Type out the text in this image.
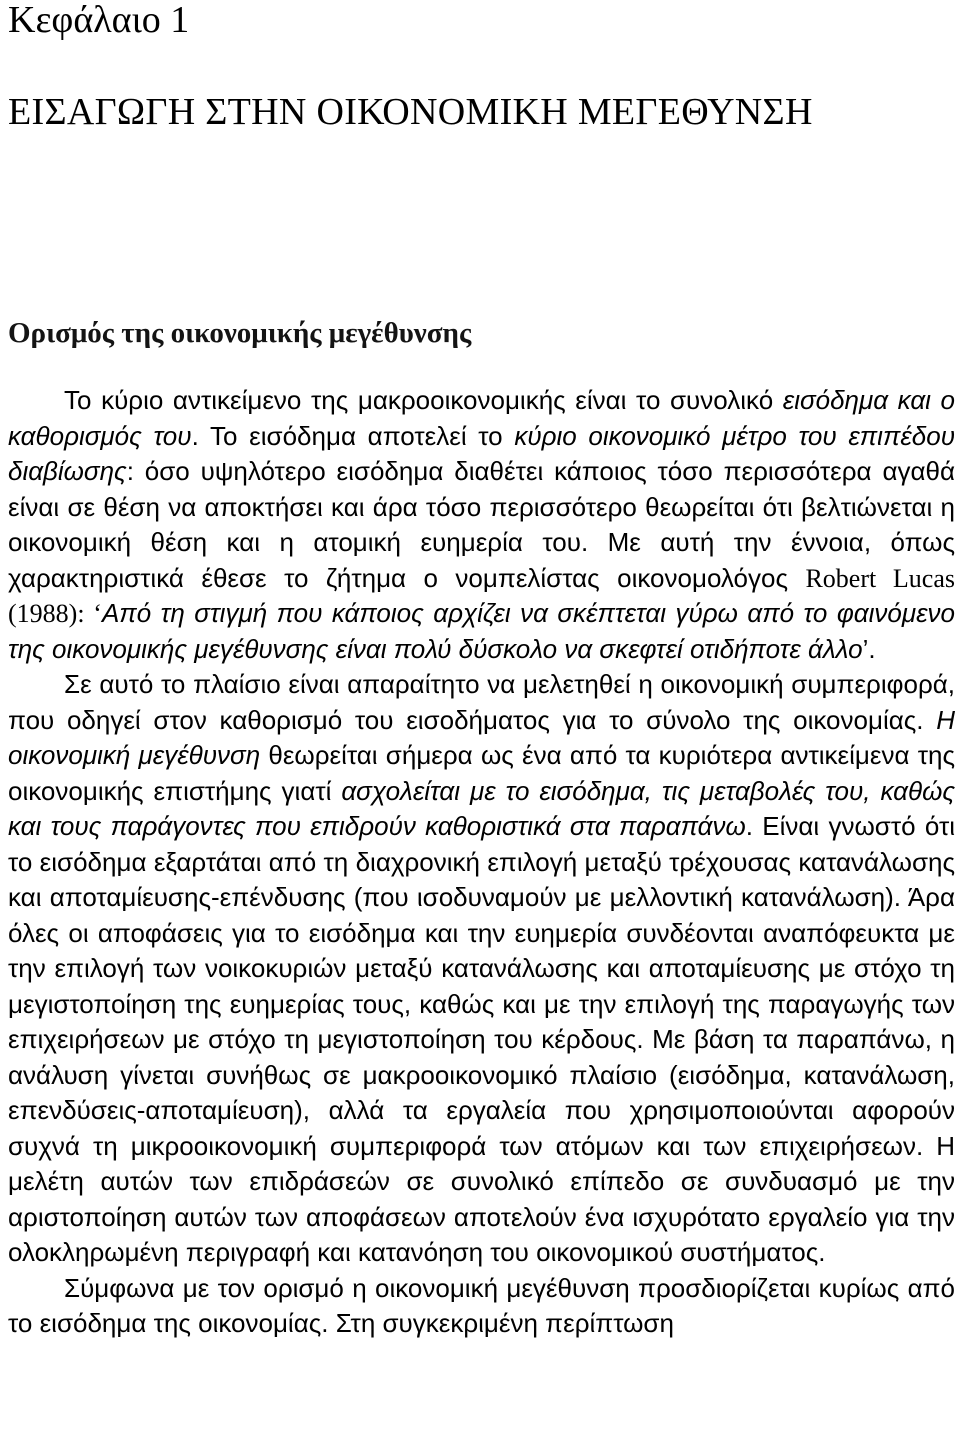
Κεφάλαιο 1
ΕΙΣΑΓΩΓΗ ΣΤΗΝ ΟΙΚΟΝΟΜΙΚΗ ΜΕΓΕΘΥΝΣΗ
Ορισμός της οικονομικής μεγέθυνσης

Το κύριο αντικείμενο της μακροοικονομικής είναι το συνολικό εισόδημα και ο καθορισμός του. Το εισόδημα αποτελεί το κύριο οικονομικό μέτρο του επιπέδου διαβίωσης: όσο υψηλότερο εισόδημα διαθέτει κάποιος τόσο περισσότερα αγαθά είναι σε θέση να αποκτήσει και άρα τόσο περισσότερο θεωρείται ότι βελτιώνεται η οικονομική θέση και η ατομική ευημερία του. Με αυτή την έννοια, όπως χαρακτηριστικά έθεσε το ζήτημα ο νομπελίστας οικονομολόγος Robert Lucas (1988): ‘Από τη στιγμή που κάποιος αρχίζει να σκέπτεται γύρω από το φαινόμενο της οικονομικής μεγέθυνσης είναι πολύ δύσκολο να σκεφτεί οτιδήποτε άλλο’.

Σε αυτό το πλαίσιο είναι απαραίτητο να μελετηθεί η οικονομική συμπεριφορά, που οδηγεί στον καθορισμό του εισοδήματος για το σύνολο της οικονομίας. Η οικονομική μεγέθυνση θεωρείται σήμερα ως ένα από τα κυριότερα αντικείμενα της οικονομικής επιστήμης γιατί ασχολείται με το εισόδημα, τις μεταβολές του, καθώς και τους παράγοντες που επιδρούν καθοριστικά στα παραπάνω. Είναι γνωστό ότι το εισόδημα εξαρτάται από τη διαχρονική επιλογή μεταξύ τρέχουσας κατανάλωσης και αποταμίευσης-επένδυσης (που ισοδυναμούν με μελλοντική κατανάλωση). Άρα όλες οι αποφάσεις για το εισόδημα και την ευημερία συνδέονται αναπόφευκτα με την επιλογή των νοικοκυριών μεταξύ κατανάλωσης και αποταμίευσης με στόχο τη μεγιστοποίηση της ευημερίας τους, καθώς και με την επιλογή της παραγωγής των επιχειρήσεων με στόχο τη μεγιστοποίηση του κέρδους. Με βάση τα παραπάνω, η ανάλυση γίνεται συνήθως σε μακροοικονομικό πλαίσιο (εισόδημα, κατανάλωση, επενδύσεις-αποταμίευση), αλλά τα εργαλεία που χρησιμοποιούνται αφορούν συχνά τη μικροοικονομική συμπεριφορά των ατόμων και των επιχειρήσεων. Η μελέτη αυτών των επιδράσεών σε συνολικό επίπεδο σε συνδυασμό με την αριστοποίηση αυτών των αποφάσεων αποτελούν ένα ισχυρότατο εργαλείο για την ολοκληρωμένη περιγραφή και κατανόηση του οικονομικού συστήματος.

Σύμφωνα με τον ορισμό η οικονομική μεγέθυνση προσδιορίζεται κυρίως από το εισόδημα της οικονομίας. Στη συγκεκριμένη περίπτωση
